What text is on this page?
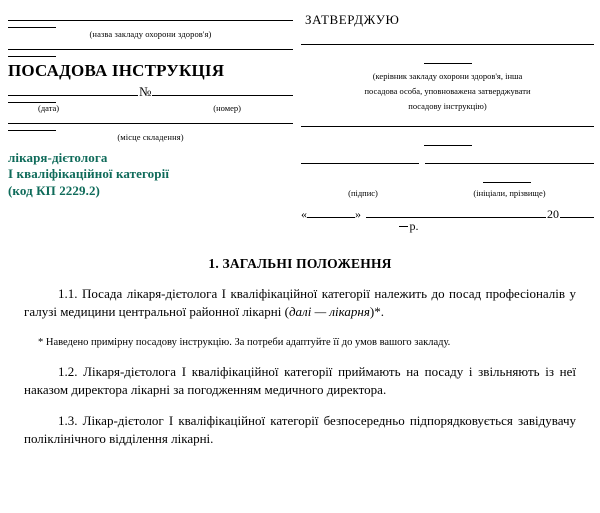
(назва закладу охорони здоров'я)
ПОСАДОВА ІНСТРУКЦІЯ
№
(дата)	(номер)
(місце складення)
лікаря-дієтолога
І кваліфікаційної категорії
(код КП 2229.2)
ЗАТВЕРДЖУЮ
(керівник закладу охорони здоров'я, інша
посадова особа, уповноважена затверджувати
посадову інструкцію)
(підпис)	(ініціали, прізвище)
«	»	20
р.
1. ЗАГАЛЬНІ ПОЛОЖЕННЯ

1.1. Посада лікаря-дієтолога І кваліфікаційної категорії належить до посад професіоналів у галузі медицини центральної районної лікарні (далі — лікарня)*.

* Наведено примірну посадову інструкцію. За потреби адаптуйте її до умов вашого закладу.

1.2. Лікаря-дієтолога І кваліфікаційної категорії приймають на посаду і звільняють із неї наказом директора лікарні за погодженням медичного директора.

1.3. Лікар-дієтолог І кваліфікаційної категорії безпосередньо підпорядковується завідувачу поліклінічного відділення лікарні.
